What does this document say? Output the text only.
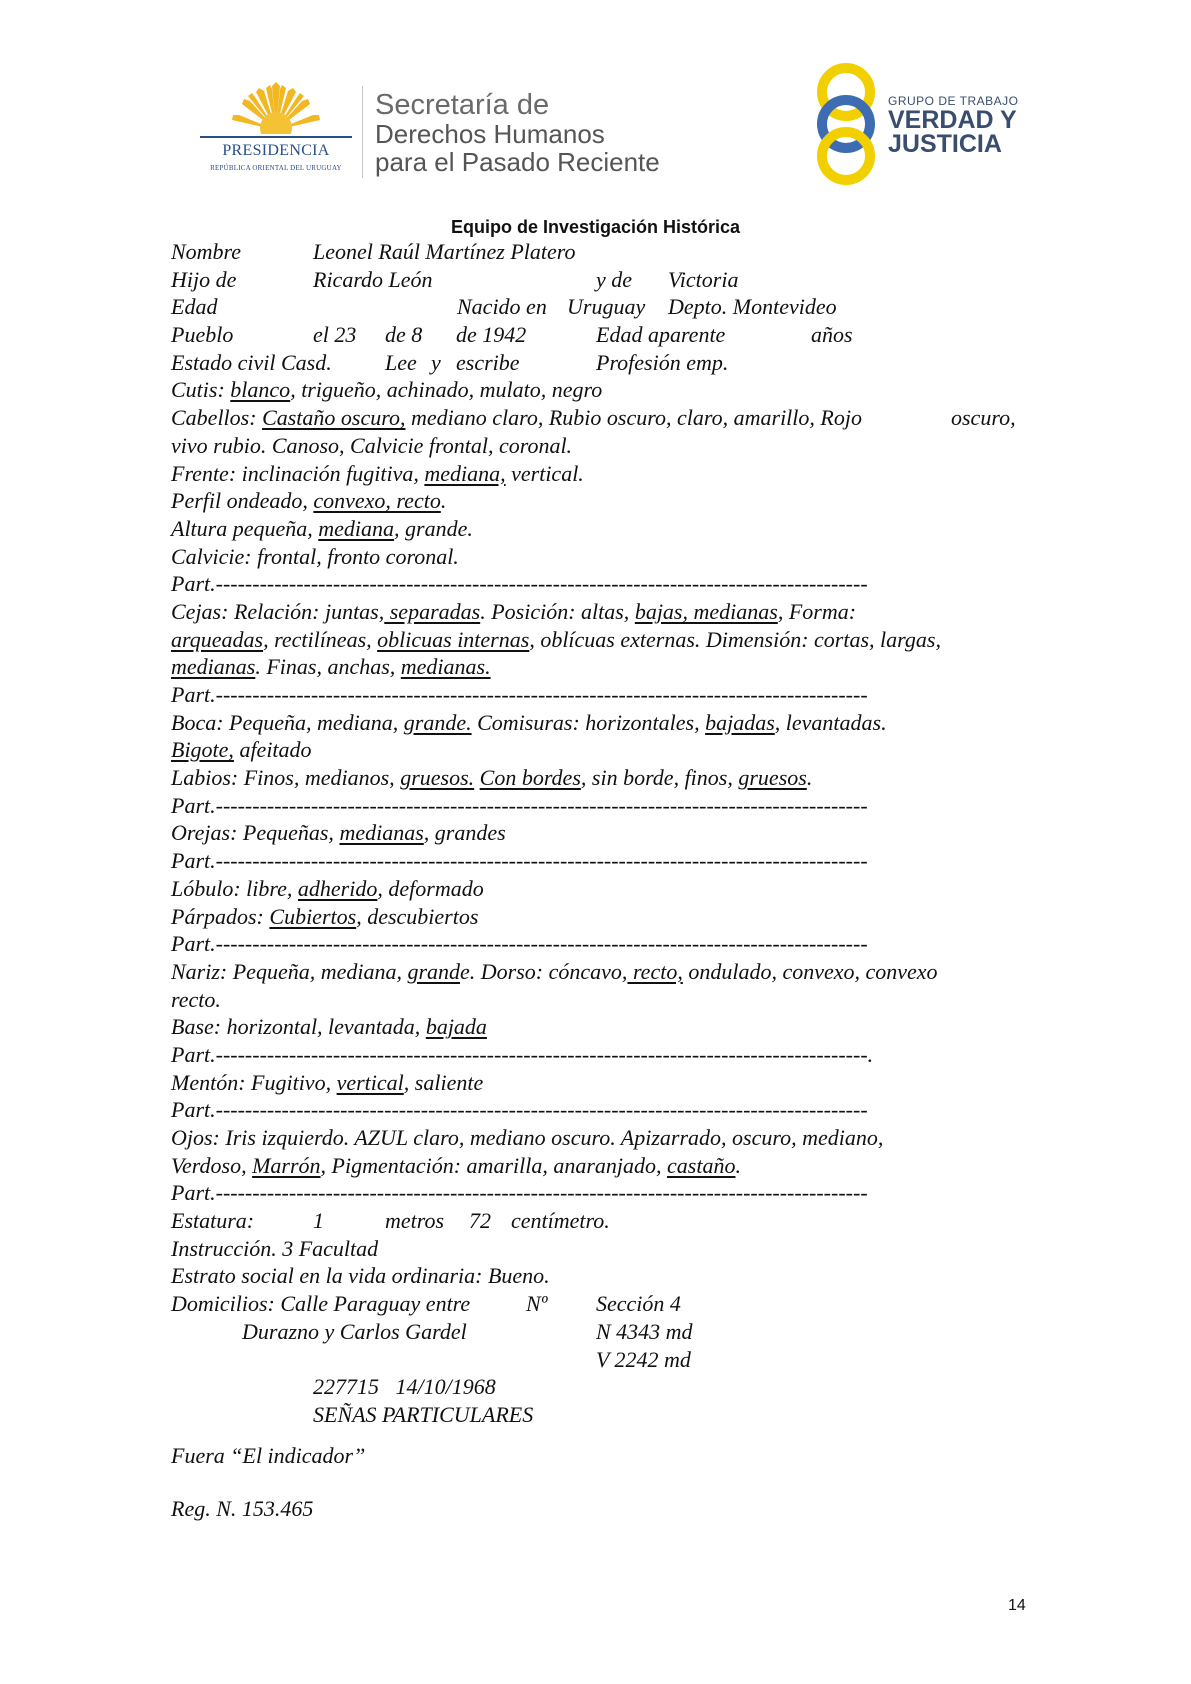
PRESIDENCIA
REPÚBLICA ORIENTAL DEL URUGUAY
Secretaría de
Derechos Humanos
para el Pasado Reciente
GRUPO DE TRABAJO
VERDAD Y
JUSTICIA
Equipo de Investigación Histórica
Nombre	Leonel Raúl Martínez Platero
Hijo de	Ricardo León	y de Victoria
Edad	Nacido en Uruguay Depto. Montevideo
Pueblo	el 23 de 8 de 1942	Edad aparente	años
Estado civil Casd. Lee y escribe	Profesión emp.
Cutis: blanco, trigueño, achinado, mulato, negro
Cabellos: Castaño oscuro, mediano claro, Rubio oscuro, claro, amarillo, Rojo	oscuro,
vivo rubio. Canoso, Calvicie frontal, coronal.
Frente: inclinación fugitiva, mediana, vertical.
Perfil ondeado, convexo, recto.
Altura pequeña, mediana, grande.
Calvicie: frontal, fronto coronal.
Part.-----------------------------------------------------------------------------------------
Cejas: Relación: juntas, separadas. Posición: altas, bajas, medianas, Forma:
arqueadas, rectilíneas, oblicuas internas, oblícuas externas. Dimensión: cortas, largas,
medianas. Finas, anchas, medianas.
Part.-----------------------------------------------------------------------------------------
Boca: Pequeña, mediana, grande. Comisuras: horizontales, bajadas, levantadas.
Bigote, afeitado
Labios: Finos, medianos, gruesos. Con bordes, sin borde, finos, gruesos.
Part.-----------------------------------------------------------------------------------------
Orejas: Pequeñas, medianas, grandes
Part.-----------------------------------------------------------------------------------------
Lóbulo: libre, adherido, deformado
Párpados: Cubiertos, descubiertos
Part.-----------------------------------------------------------------------------------------
Nariz: Pequeña, mediana, grande. Dorso: cóncavo, recto, ondulado, convexo, convexo
recto.
Base: horizontal, levantada, bajada
Part.-----------------------------------------------------------------------------------------.
Mentón: Fugitivo, vertical, saliente
Part.-----------------------------------------------------------------------------------------
Ojos: Iris izquierdo. AZUL claro, mediano oscuro. Apizarrado, oscuro, mediano,
Verdoso, Marrón, Pigmentación: amarilla, anaranjado, castaño.
Part.-----------------------------------------------------------------------------------------
Estatura:	1	metros 72 centímetro.
Instrucción. 3 Facultad
Estrato social en la vida ordinaria: Bueno.
Domicilios: Calle Paraguay entre	Nº Sección 4
Durazno y Carlos Gardel	N 4343 md
V 2242 md
227715   14/10/1968
SEÑAS PARTICULARES
Fuera “El indicador”
Reg. N. 153.465
14
